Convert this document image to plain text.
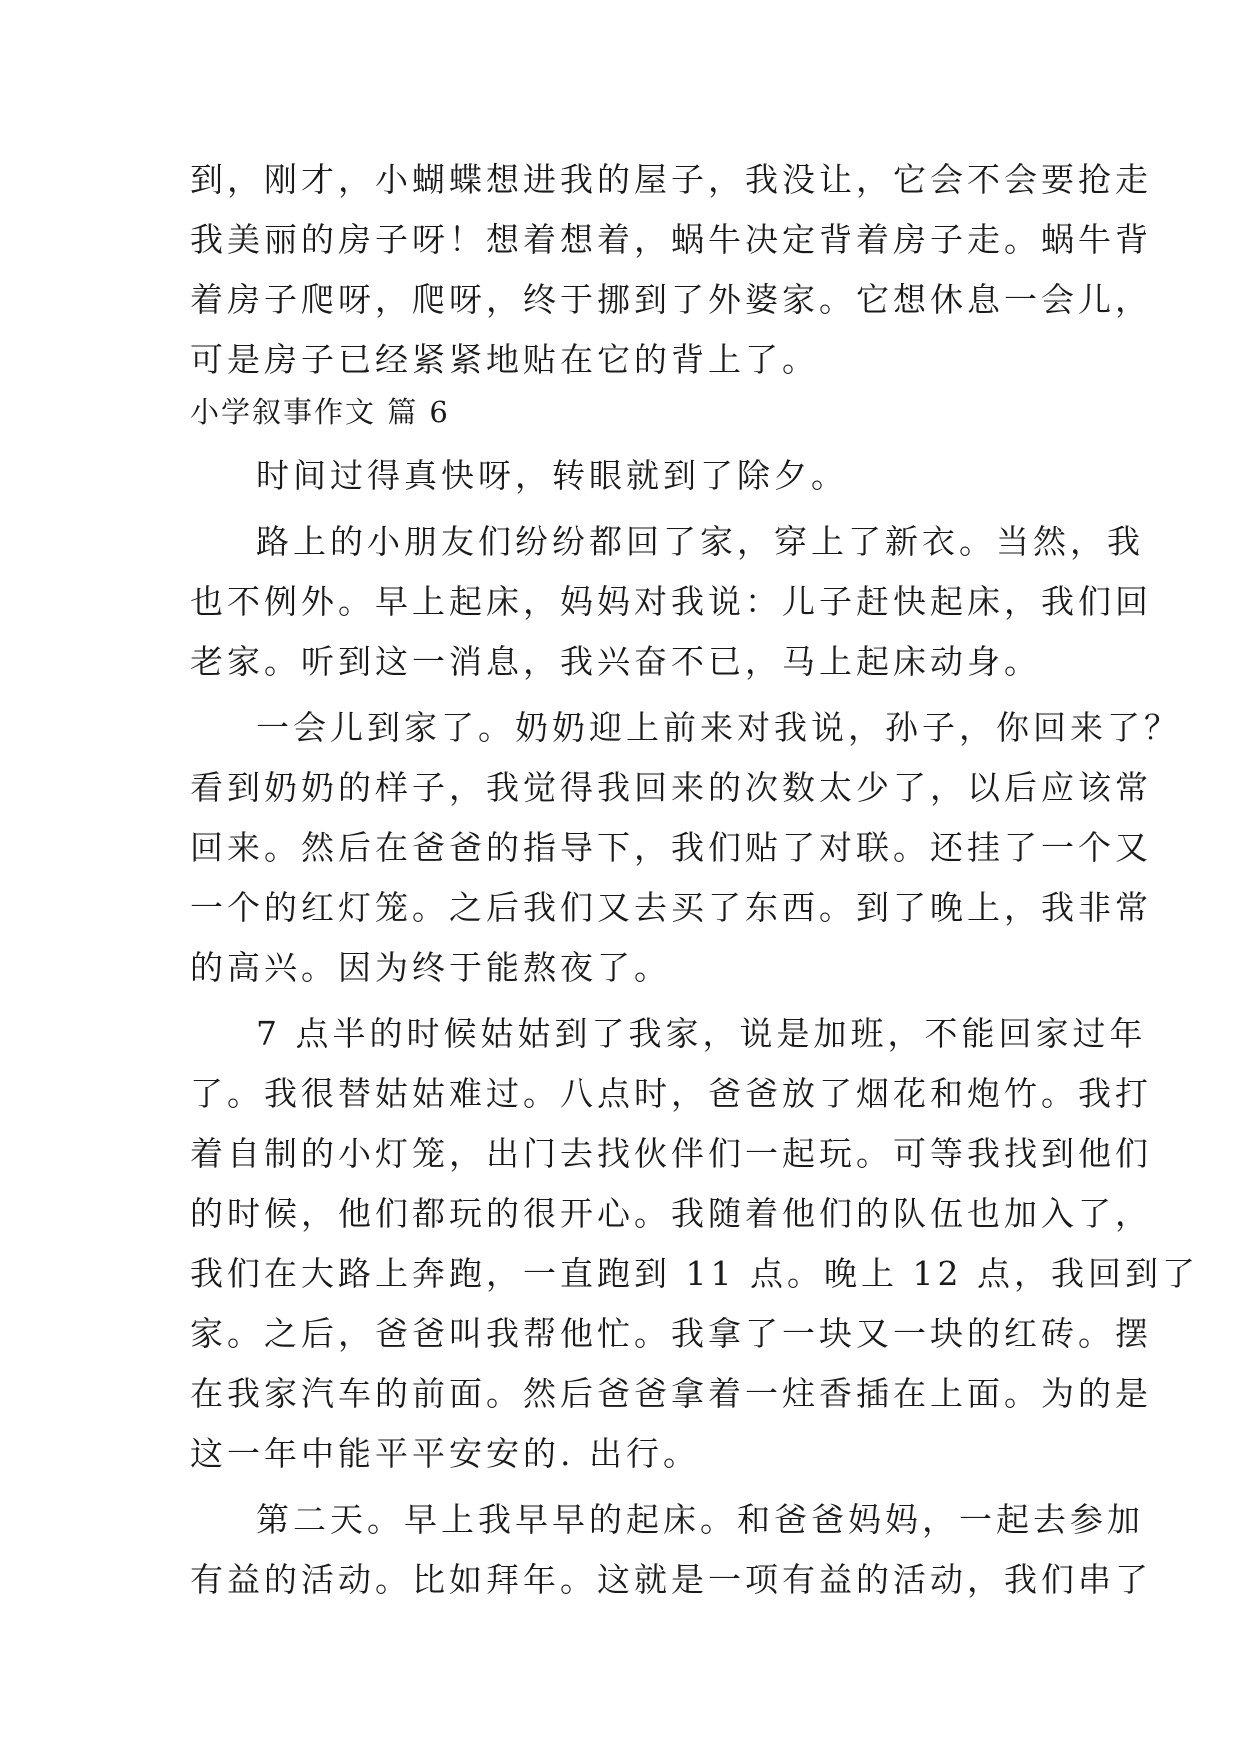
到，刚才，小蝴蝶想进我的屋子，我没让，它会不会要抢走
我美丽的房子呀！想着想着，蜗牛决定背着房子走。蜗牛背
着房子爬呀，爬呀，终于挪到了外婆家。它想休息一会儿，
可是房子已经紧紧地贴在它的背上了。
小学叙事作文 篇 6
时间过得真快呀，转眼就到了除夕。
路上的小朋友们纷纷都回了家，穿上了新衣。当然，我
也不例外。早上起床，妈妈对我说：儿子赶快起床，我们回
老家。听到这一消息，我兴奋不已，马上起床动身。
一会儿到家了。奶奶迎上前来对我说，孙子，你回来了？
看到奶奶的样子，我觉得我回来的次数太少了，以后应该常
回来。然后在爸爸的指导下，我们贴了对联。还挂了一个又
一个的红灯笼。之后我们又去买了东西。到了晚上，我非常
的高兴。因为终于能熬夜了。
7 点半的时候姑姑到了我家，说是加班，不能回家过年
了。我很替姑姑难过。八点时，爸爸放了烟花和炮竹。我打
着自制的小灯笼，出门去找伙伴们一起玩。可等我找到他们
的时候，他们都玩的很开心。我随着他们的队伍也加入了，
我们在大路上奔跑，一直跑到 11 点。晚上 12 点，我回到了
家。之后，爸爸叫我帮他忙。我拿了一块又一块的红砖。摆
在我家汽车的前面。然后爸爸拿着一炷香插在上面。为的是
这一年中能平平安安的. 出行。
第二天。早上我早早的起床。和爸爸妈妈，一起去参加
有益的活动。比如拜年。这就是一项有益的活动，我们串了
